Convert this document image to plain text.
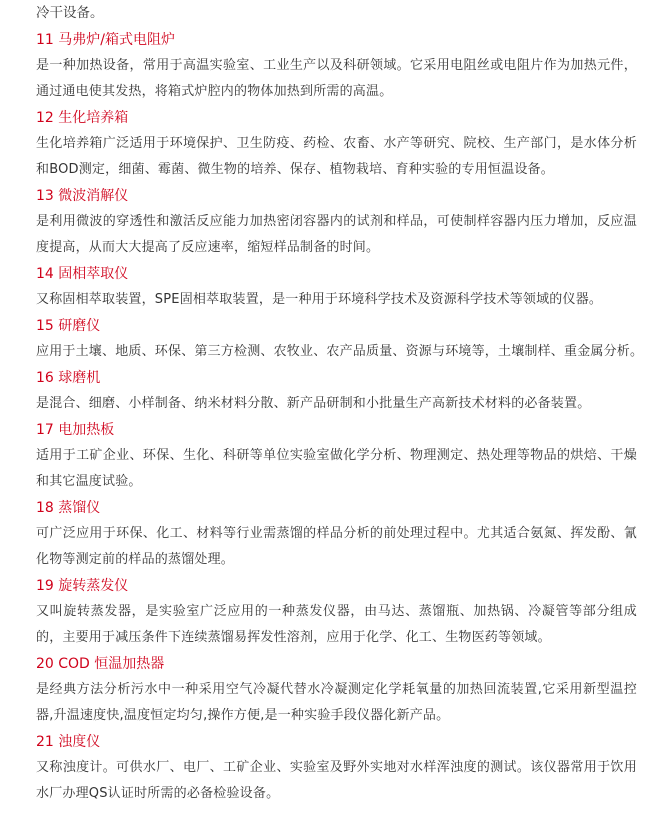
冷干设备。

11 马弗炉/箱式电阻炉

是一种加热设备，常用于高温实验室、工业生产以及科研领域。它采用电阻丝或电阻片作为加热元件，通过通电使其发热，将箱式炉腔内的物体加热到所需的高温。

12 生化培养箱

生化培养箱广泛适用于环境保护、卫生防疫、药检、农畜、水产等研究、院校、生产部门，是水体分析和BOD测定，细菌、霉菌、微生物的培养、保存、植物栽培、育种实验的专用恒温设备。

13 微波消解仪

是利用微波的穿透性和激活反应能力加热密闭容器内的试剂和样品，可使制样容器内压力增加，反应温度提高，从而大大提高了反应速率，缩短样品制备的时间。

14 固相萃取仪

又称固相萃取装置，SPE固相萃取装置，是一种用于环境科学技术及资源科学技术等领域的仪器。

15 研磨仪

应用于土壤、地质、环保、第三方检测、农牧业、农产品质量、资源与环境等，土壤制样、重金属分析。

16 球磨机

是混合、细磨、小样制备、纳米材料分散、新产品研制和小批量生产高新技术材料的必备装置。

17 电加热板

适用于工矿企业、环保、生化、科研等单位实验室做化学分析、物理测定、热处理等物品的烘焙、干燥和其它温度试验。

18 蒸馏仪

可广泛应用于环保、化工、材料等行业需蒸馏的样品分析的前处理过程中。尤其适合氨氮、挥发酚、氰化物等测定前的样品的蒸馏处理。

19 旋转蒸发仪

又叫旋转蒸发器，是实验室广泛应用的一种蒸发仪器，由马达、蒸馏瓶、加热锅、冷凝管等部分组成的，主要用于减压条件下连续蒸馏易挥发性溶剂，应用于化学、化工、生物医药等领域。

20 COD 恒温加热器

是经典方法分析污水中一种采用空气冷凝代替水冷凝测定化学耗氧量的加热回流装置,它采用新型温控器,升温速度快,温度恒定均匀,操作方便,是一种实验手段仪器化新产品。

21 浊度仪

又称浊度计。可供水厂、电厂、工矿企业、实验室及野外实地对水样浑浊度的测试。该仪器常用于饮用水厂办理QS认证时所需的必备检验设备。
